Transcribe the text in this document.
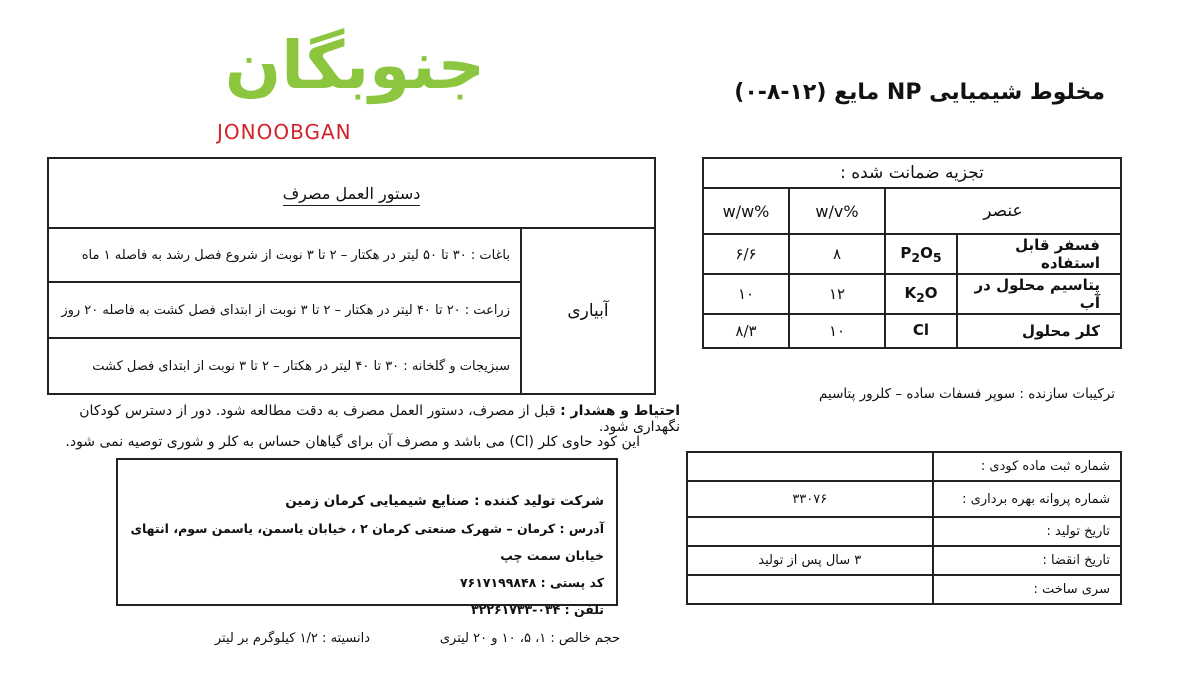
جنوبگان
JONOOBGAN
مخلوط شیمیایی NP مایع (۱۲-۸-۰)
تجزیه ضمانت شده :			
عنصر		%w/v	%w/w
فسفر قابل استفاده	$P_2O_5$	۸	۶/۶
پتاسیم محلول در آب	$K_2O$	۱۲	۱۰
کلر محلول	Cl	۱۰	۸/۳
دستور العمل مصرف
آبیاری	باغات : ۳۰ تا ۵۰ لیتر در هکتار – ۲ تا ۳ نوبت از شروع فصل رشد به فاصله ۱ ماه
زراعت : ۲۰ تا ۴۰ لیتر در هکتار – ۲ تا ۳ نوبت از ابتدای فصل کشت به فاصله ۲۰ روز
سبزیجات و گلخانه : ۳۰ تا ۴۰ لیتر در هکتار – ۲ تا ۳ نوبت از ابتدای فصل کشت
ترکیبات سازنده : سوپر فسفات ساده – کلرور پتاسیم
احتیاط و هشدار : قبل از مصرف، دستور العمل مصرف به دقت مطالعه شود. دور از دسترس کودکان نگهداری شود.
این کود حاوی کلر (Cl) می باشد و مصرف آن برای گیاهان حساس به کلر و شوری توصیه نمی شود.
شرکت تولید کننده : صنایع شیمیایی کرمان زمین
آدرس : کرمان – شهرک صنعتی کرمان ۲ ، خیابان یاسمن، یاسمن سوم، انتهای خیابان سمت چپ
کد پستی : ۷۶۱۷۱۹۹۸۴۸
تلفن : ۰۳۴-۳۲۲۶۱۷۳۳
شماره ثبت ماده کودی :	
شماره پروانه بهره برداری :	۳۳۰۷۶
تاریخ تولید :	
تاریخ انقضا :	۳ سال پس از تولید
سری ساخت :	
حجم خالص : ۱، ۵، ۱۰ و ۲۰ لیتری
دانسیته : ۱/۲ کیلوگرم بر لیتر
